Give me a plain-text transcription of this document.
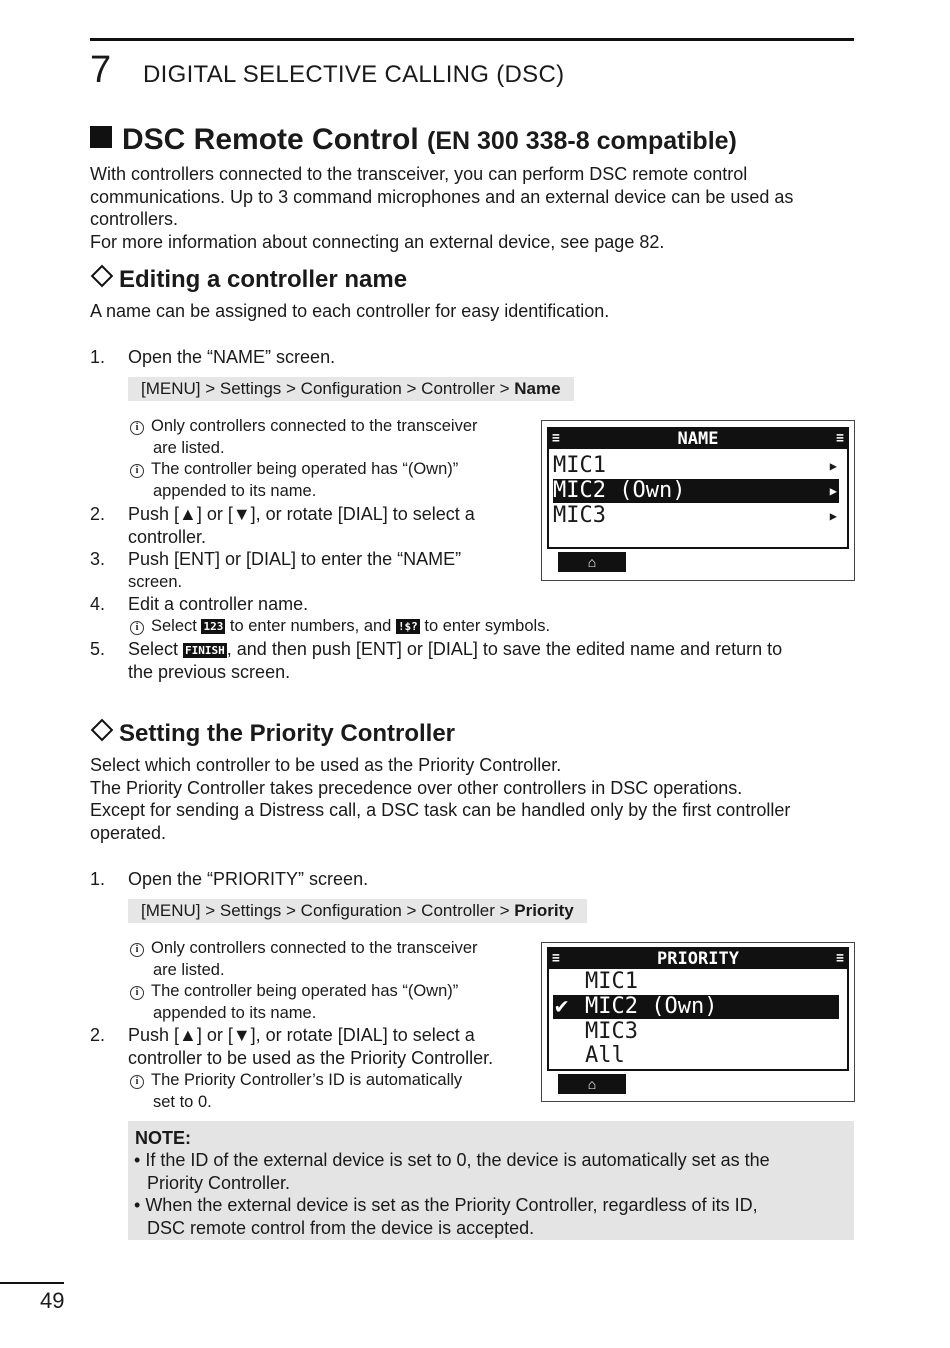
7 DIGITAL SELECTIVE CALLING (DSC)
DSC Remote Control (EN 300 338-8 compatible)
With controllers connected to the transceiver, you can perform DSC remote control
communications. Up to 3 command microphones and an external device can be used as
controllers.
For more information about connecting an external device, see page 82.
Editing a controller name
A name can be assigned to each controller for easy identification.
1. Open the “NAME” screen.
[MENU] > Settings > Configuration > Controller > Name
i Only controllers connected to the transceiver
are listed.
i The controller being operated has “(Own)”
appended to its name.
2. Push [▲] or [▼], or rotate [DIAL] to select a
controller.
3. Push [ENT] or [DIAL] to enter the “NAME”
screen.
4. Edit a controller name.
i Select 123 to enter numbers, and !$? to enter symbols.
5. Select FINISH , and then push [ENT] or [DIAL] to save the edited name and return to
the previous screen.
≡	NAME	≡
MIC1	▶
MIC2 (Own)	▶
MIC3	▶
⌂
Setting the Priority Controller
Select which controller to be used as the Priority Controller.
The Priority Controller takes precedence over other controllers in DSC operations.
Except for sending a Distress call, a DSC task can be handled only by the first controller
operated.
1. Open the “PRIORITY” screen.
[MENU] > Settings > Configuration > Controller > Priority
i Only controllers connected to the transceiver
are listed.
i The controller being operated has “(Own)”
appended to its name.
2. Push [▲] or [▼], or rotate [DIAL] to select a
controller to be used as the Priority Controller.
i The Priority Controller’s ID is automatically
set to 0.
≡	PRIORITY	≡
MIC1
✔ MIC2 (Own)
MIC3
All
⌂
NOTE:
• If the ID of the external device is set to 0, the device is automatically set as the
Priority Controller.
• When the external device is set as the Priority Controller, regardless of its ID,
DSC remote control from the device is accepted.
49
